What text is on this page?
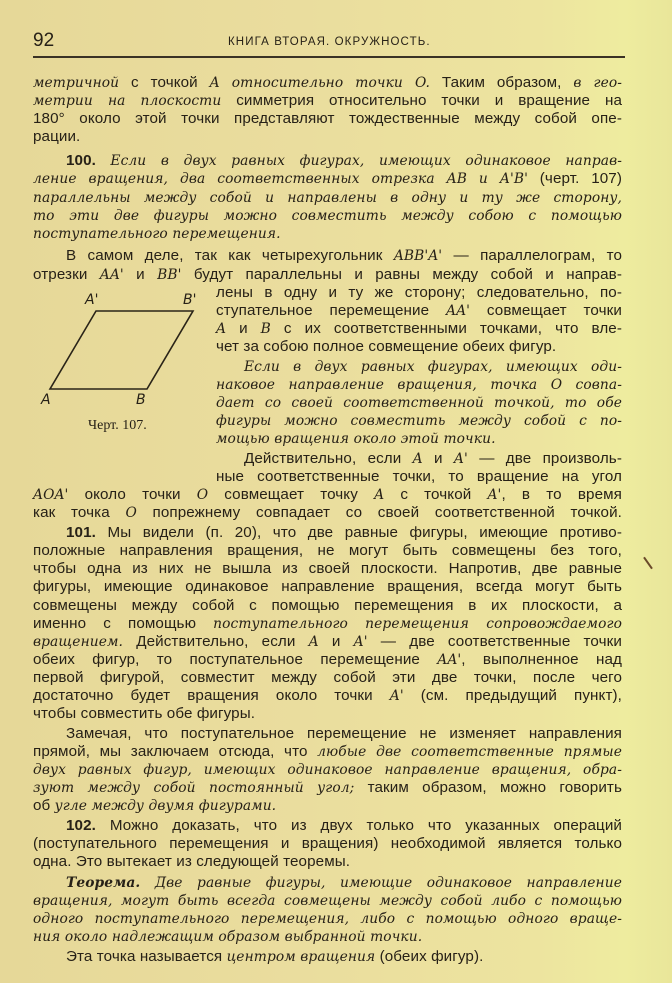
92	КНИГА ВТОРАЯ. ОКРУЖНОСТЬ.
метричной с точкой A относительно точки O. Таким образом, в гео-
метрии на плоскости симметрия относительно точки и вращение на
180° около этой точки представляют тождественные между собой опе-
рации.
100. Если в двух равных фигурах, имеющих одинаковое направ-
ление вращения, два соответственных отрезка AB и A'B' (черт. 107)
параллельны между собой и направлены в одну и ту же сторону,
то эти две фигуры можно совместить между собою с помощью
поступательного перемещения.
В самом деле, так как четырехугольник ABB'A' — параллелограм, то
отрезки AA' и BB' будут параллельны и равны между собой и направ-
лены в одну и ту же сторону; следовательно, по-
ступательное перемещение AA' совмещает точки
A и B с их соответственными точками, что вле-
чет за собою полное совмещение обеих фигур.
Если в двух равных фигурах, имеющих оди-
наковое направление вращения, точка O совпа-
дает со своей соответственной точкой, то обе
фигуры можно совместить между собой с по-
мощью вращения около этой точки.
Действительно, если A и A' — две произволь-
ные соответственные точки, то вращение на угол
AOA' около точки O совмещает точку A с точкой A', в то время
как точка O попрежнему совпадает со своей соответственной точкой.
101. Мы видели (п. 20), что две равные фигуры, имеющие противо-
положные направления вращения, не могут быть совмещены без того,
чтобы одна из них не вышла из своей плоскости. Напротив, две равные
фигуры, имеющие одинаковое направление вращения, всегда могут быть
совмещены между собой с помощью перемещения в их плоскости, а
именно с помощью поступательного перемещения сопровождаемого
вращением. Действительно, если A и A' — две соответственные точки
обеих фигур, то поступательное перемещение AA', выполненное над
первой фигурой, совместит между собой эти две точки, после чего
достаточно будет вращения около точки A' (см. предыдущий пункт),
чтобы совместить обе фигуры.
Замечая, что поступательное перемещение не изменяет направления
прямой, мы заключаем отсюда, что любые две соответственные прямые
двух равных фигур, имеющих одинаковое направление вращения, обра-
зуют между собой постоянный угол; таким образом, можно говорить
об угле между двумя фигурами.
102. Можно доказать, что из двух только что указанных операций
(поступательного перемещения и вращения) необходимой является только
одна. Это вытекает из следующей теоремы.
Теорема. Две равные фигуры, имеющие одинаковое направление
вращения, могут быть всегда совмещены между собой либо с помощью
одного поступательного перемещения, либо с помощью одного враще-
ния около надлежащим образом выбранной точки.
Эта точка называется центром вращения (обеих фигур).
A'	B'
A	B
Черт. 107.
